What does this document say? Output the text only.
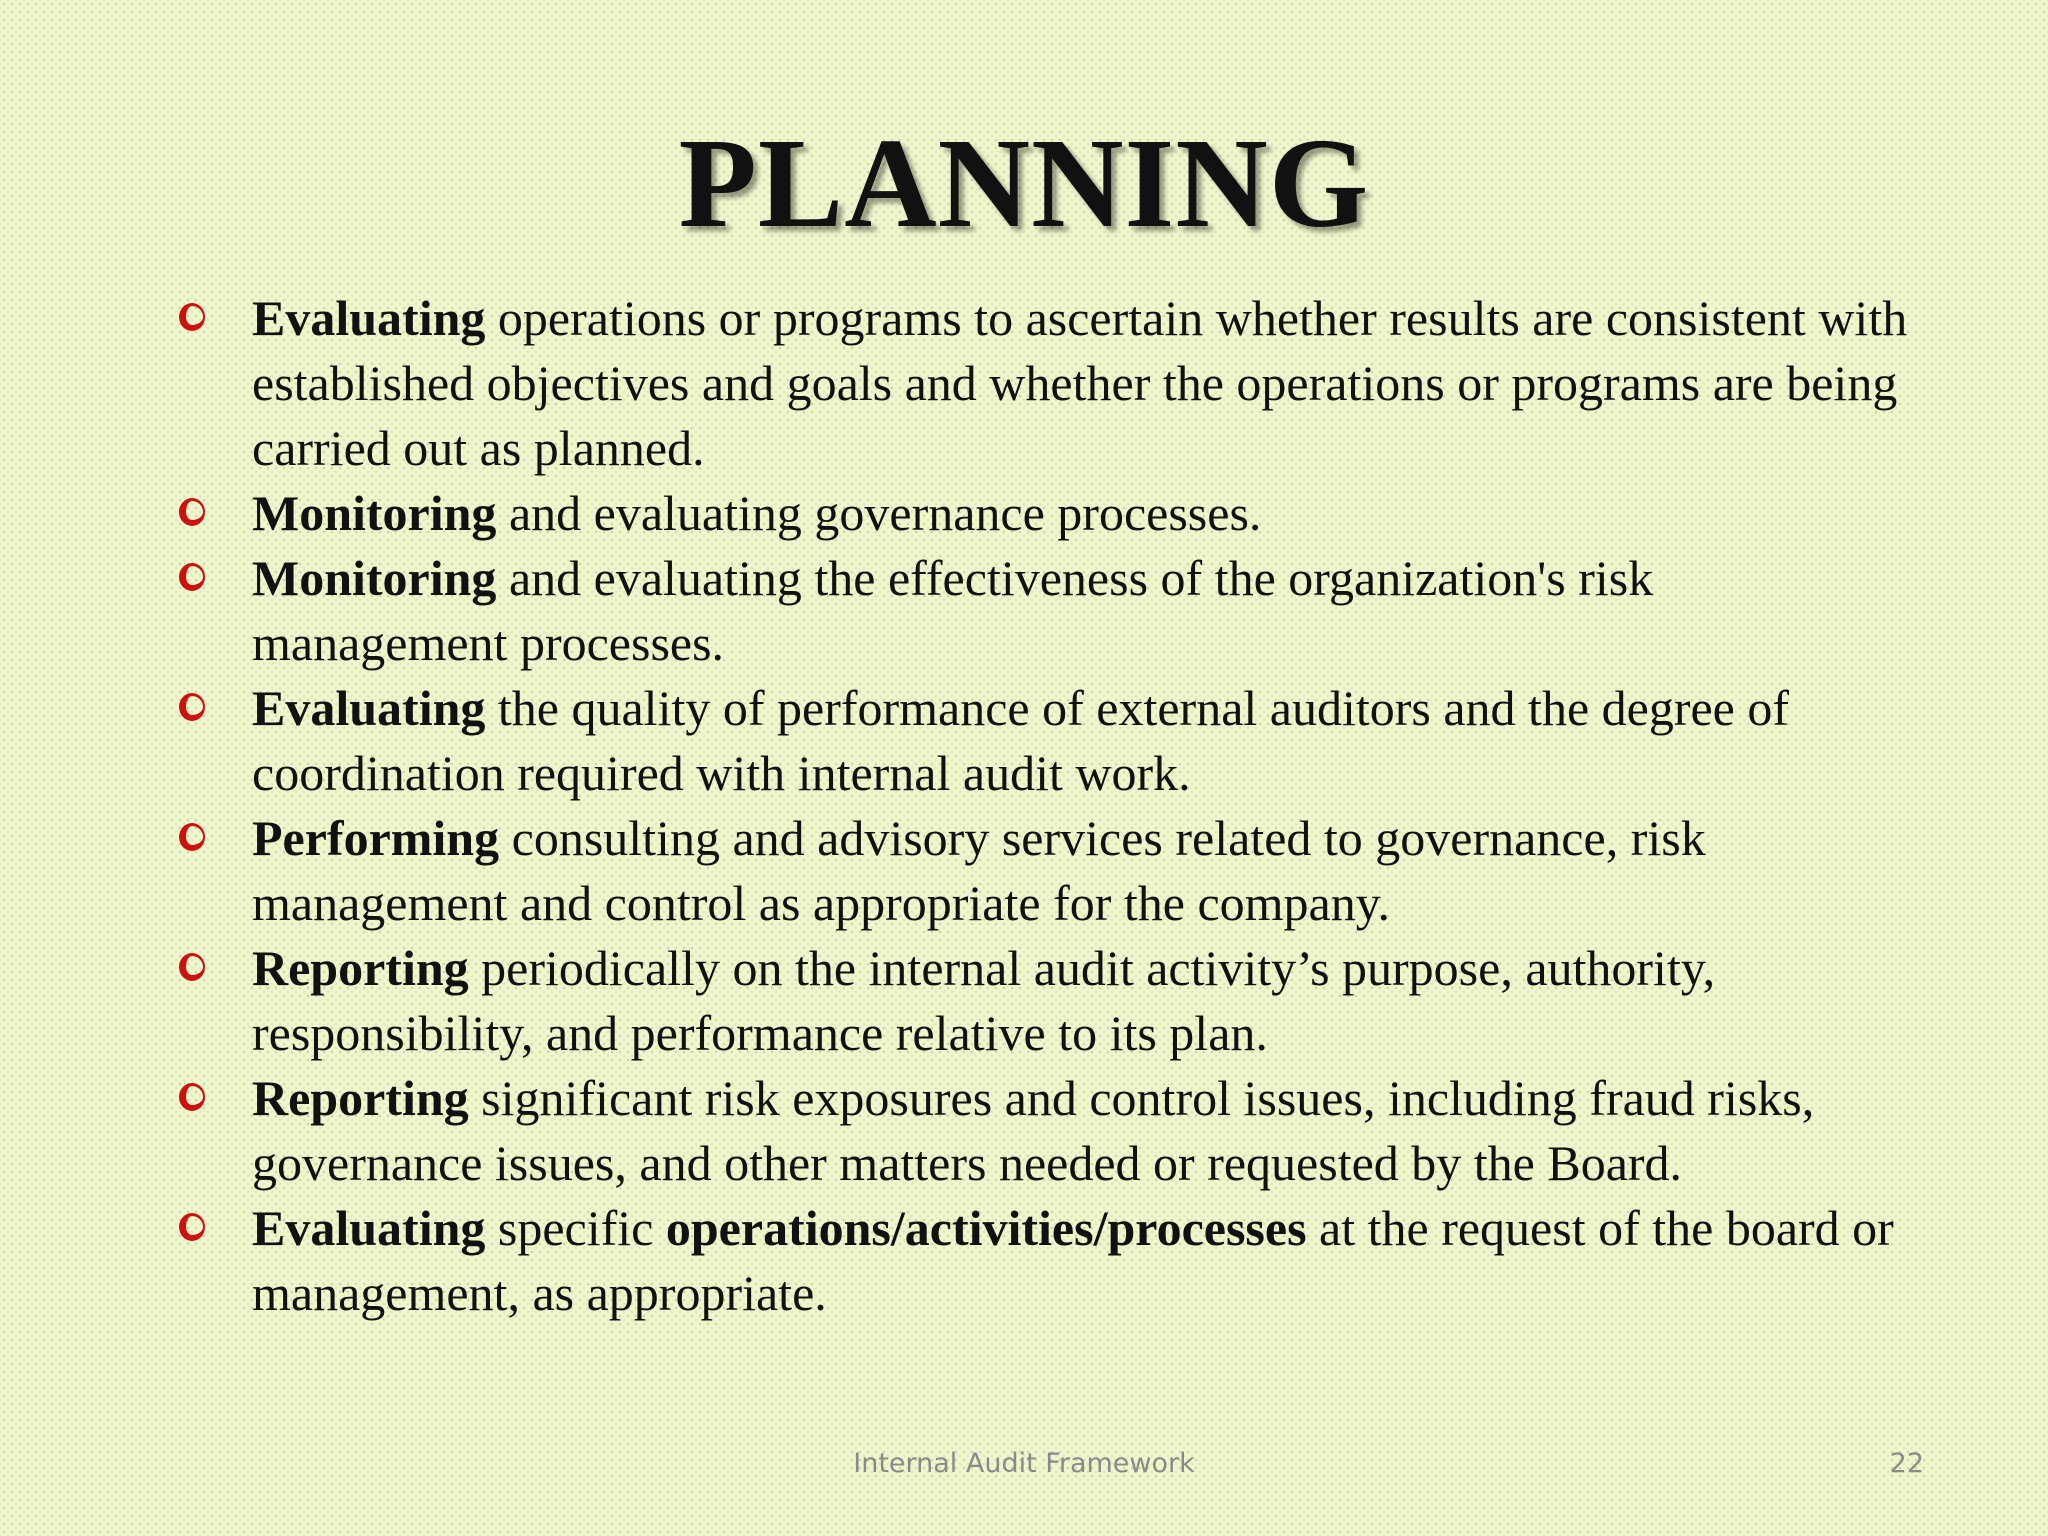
PLANNING
Evaluating operations or programs to ascertain whether results are consistent with established objectives and goals and whether the operations or programs are being carried out as planned.
Monitoring and evaluating governance processes.
Monitoring and evaluating the effectiveness of the organization's risk management processes.
Evaluating the quality of performance of external auditors and the degree of coordination required with internal audit work.
Performing consulting and advisory services related to governance, risk management and control as appropriate for the company.
Reporting periodically on the internal audit activity’s purpose, authority, responsibility, and performance relative to its plan.
Reporting significant risk exposures and control issues, including fraud risks, governance issues, and other matters needed or requested by the Board.
Evaluating specific operations/activities/processes at the request of the board or management, as appropriate.
Internal Audit Framework	22
